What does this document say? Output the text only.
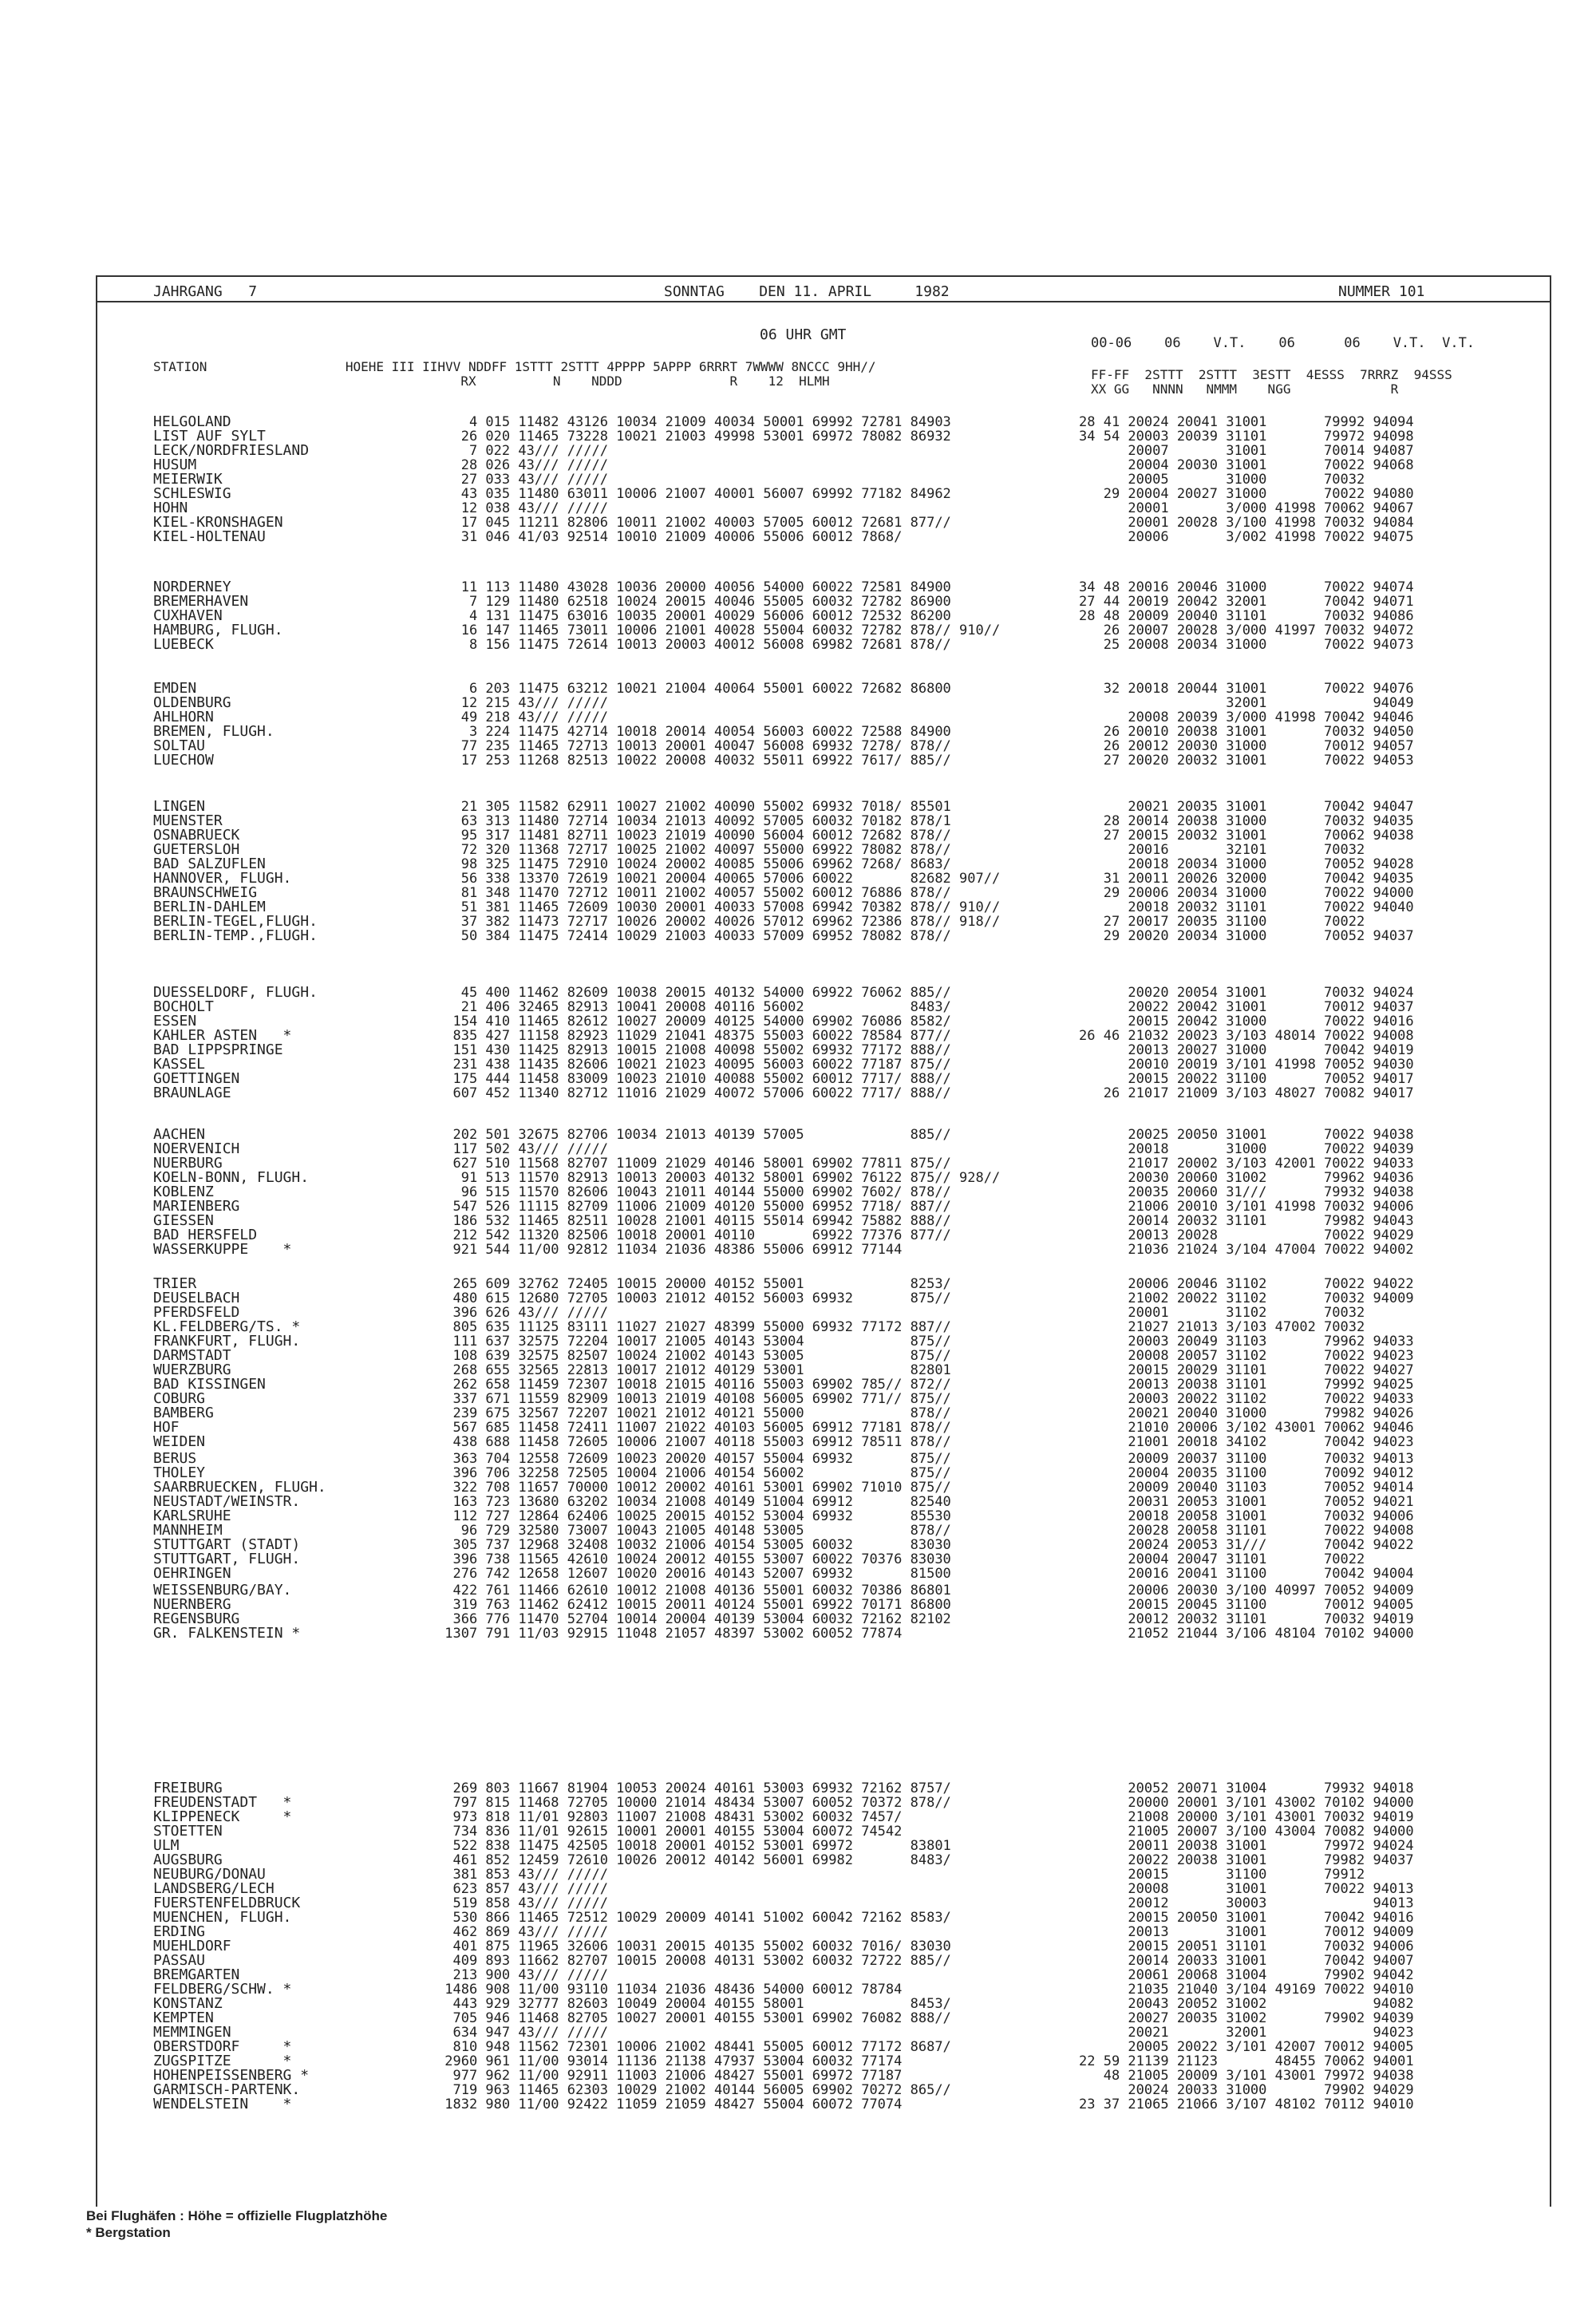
JAHRGANG   7	SONNTAG    DEN 11. APRIL     1982	NUMMER 101
06 UHR GMT	00-06    06    V.T.    06      06    V.T.  V.T.
STATION                  HOEHE III IIHVV NDDFF 1STTT 2STTT 4PPPP 5APPP 6RRRT 7WWWW 8NCCC 9HH//
RX          N    NDDD              R    12  HLMH	FF-FF  2STTT  2STTT  3ESTT  4ESSS  7RRRZ  94SSS
XX GG   NNNN   NMMM    NGG             R
HELGOLAND	4 015 11482 43126 10034 21009 40034 50001 69992 72781 84903	28 41 20024 20041 31001       79992 94094
LIST AUF SYLT	26 020 11465 73228 10021 21003 49998 53001 69972 78082 86932	34 54 20003 20039 31101       79972 94098
LECK/NORDFRIESLAND	7 022 43/// /////	20007       31001       70014 94087
HUSUM	28 026 43/// /////	20004 20030 31001       70022 94068
MEIERWIK	27 033 43/// /////	20005       31000       70032
SCHLESWIG	43 035 11480 63011 10006 21007 40001 56007 69992 77182 84962	29 20004 20027 31000       70022 94080
HOHN	12 038 43/// /////	20001       3/000 41998 70062 94067
KIEL-KRONSHAGEN	17 045 11211 82806 10011 21002 40003 57005 60012 72681 877//	20001 20028 3/100 41998 70032 94084
KIEL-HOLTENAU	31 046 41/03 92514 10010 21009 40006 55006 60012 7868/	20006       3/002 41998 70022 94075
NORDERNEY	11 113 11480 43028 10036 20000 40056 54000 60022 72581 84900	34 48 20016 20046 31000       70022 94074
BREMERHAVEN	7 129 11480 62518 10024 20015 40046 55005 60032 72782 86900	27 44 20019 20042 32001       70042 94071
CUXHAVEN	4 131 11475 63016 10035 20001 40029 56006 60012 72532 86200	28 48 20009 20040 31101       70032 94086
HAMBURG, FLUGH.	16 147 11465 73011 10006 21001 40028 55004 60032 72782 878// 910//	26 20007 20028 3/000 41997 70032 94072
LUEBECK	8 156 11475 72614 10013 20003 40012 56008 69982 72681 878//	25 20008 20034 31000       70022 94073
EMDEN	6 203 11475 63212 10021 21004 40064 55001 60022 72682 86800	32 20018 20044 31001       70022 94076
OLDENBURG	12 215 43/// /////	32001             94049
AHLHORN	49 218 43/// /////	20008 20039 3/000 41998 70042 94046
BREMEN, FLUGH.	3 224 11475 42714 10018 20014 40054 56003 60022 72588 84900	26 20010 20038 31001       70032 94050
SOLTAU	77 235 11465 72713 10013 20001 40047 56008 69932 7278/ 878//	26 20012 20030 31000       70012 94057
LUECHOW	17 253 11268 82513 10022 20008 40032 55011 69922 7617/ 885//	27 20020 20032 31001       70022 94053
LINGEN	21 305 11582 62911 10027 21002 40090 55002 69932 7018/ 85501	20021 20035 31001       70042 94047
MUENSTER	63 313 11480 72714 10034 21013 40092 57005 60032 70182 878/1	28 20014 20038 31000       70032 94035
OSNABRUECK	95 317 11481 82711 10023 21019 40090 56004 60012 72682 878//	27 20015 20032 31001       70062 94038
GUETERSLOH	72 320 11368 72717 10025 21002 40097 55000 69922 78082 878//	20016       32101       70032
BAD SALZUFLEN	98 325 11475 72910 10024 20002 40085 55006 69962 7268/ 8683/	20018 20034 31000       70052 94028
HANNOVER, FLUGH.	56 338 13370 72619 10021 20004 40065 57006 60022       82682 907//	31 20011 20026 32000       70042 94035
BRAUNSCHWEIG	81 348 11470 72712 10011 21002 40057 55002 60012 76886 878//	29 20006 20034 31000       70022 94000
BERLIN-DAHLEM	51 381 11465 72609 10030 20001 40033 57008 69942 70382 878// 910//	20018 20032 31101       70022 94040
BERLIN-TEGEL,FLUGH.	37 382 11473 72717 10026 20002 40026 57012 69962 72386 878// 918//	27 20017 20035 31100       70022
BERLIN-TEMP.,FLUGH.	50 384 11475 72414 10029 21003 40033 57009 69952 78082 878//	29 20020 20034 31000       70052 94037
DUESSELDORF, FLUGH.	45 400 11462 82609 10038 20015 40132 54000 69922 76062 885//	20020 20054 31001       70032 94024
BOCHOLT	21 406 32465 82913 10041 20008 40116 56002             8483/	20022 20042 31001       70012 94037
ESSEN	154 410 11465 82612 10027 20009 40125 54000 69902 76086 8582/	20015 20042 31000       70022 94016
KAHLER ASTEN   *	835 427 11158 82923 11029 21041 48375 55003 60022 78584 877//	26 46 21032 20023 3/103 48014 70022 94008
BAD LIPPSPRINGE	151 430 11425 82913 10015 21008 40098 55002 69932 77172 888//	20013 20027 31000       70042 94019
KASSEL	231 438 11435 82606 10021 21023 40095 56003 60022 77187 875//	20010 20019 3/101 41998 70052 94030
GOETTINGEN	175 444 11458 83009 10023 21010 40088 55002 60012 7717/ 888//	20015 20022 31100       70052 94017
BRAUNLAGE	607 452 11340 82712 11016 21029 40072 57006 60022 7717/ 888//	26 21017 21009 3/103 48027 70082 94017
AACHEN	202 501 32675 82706 10034 21013 40139 57005             885//	20025 20050 31001       70022 94038
NOERVENICH	117 502 43/// /////	20018       31000       70022 94039
NUERBURG	627 510 11568 82707 11009 21029 40146 58001 69902 77811 875//	21017 20002 3/103 42001 70022 94033
KOELN-BONN, FLUGH.	91 513 11570 82913 10013 20003 40132 58001 69902 76122 875// 928//	20030 20060 31002       79962 94036
KOBLENZ	96 515 11570 82606 10043 21011 40144 55000 69902 7602/ 878//	20035 20060 31///       79932 94038
MARIENBERG	547 526 11115 82709 11006 21009 40120 55000 69952 7718/ 887//	21006 20010 3/101 41998 70032 94006
GIESSEN	186 532 11465 82511 10028 21001 40115 55014 69942 75882 888//	20014 20032 31101       79982 94043
BAD HERSFELD	212 542 11320 82506 10018 20001 40110       69922 77376 877//	20013 20028             70022 94029
WASSERKUPPE    *	921 544 11/00 92812 11034 21036 48386 55006 69912 77144	21036 21024 3/104 47004 70022 94002
TRIER	265 609 32762 72405 10015 20000 40152 55001             8253/	20006 20046 31102       70022 94022
DEUSELBACH	480 615 12680 72705 10003 21012 40152 56003 69932       875//	21002 20022 31102       70032 94009
PFERDSFELD	396 626 43/// /////	20001       31102       70032
KL.FELDBERG/TS. *	805 635 11125 83111 11027 21027 48399 55000 69932 77172 887//	21027 21013 3/103 47002 70032
FRANKFURT, FLUGH.	111 637 32575 72204 10017 21005 40143 53004             875//	20003 20049 31103       79962 94033
DARMSTADT	108 639 32575 82507 10024 21002 40143 53005             875//	20008 20057 31102       70022 94023
WUERZBURG	268 655 32565 22813 10017 21012 40129 53001             82801	20015 20029 31101       70022 94027
BAD KISSINGEN	262 658 11459 72307 10018 21015 40116 55003 69902 785// 872//	20013 20038 31101       79992 94025
COBURG	337 671 11559 82909 10013 21019 40108 56005 69902 771// 875//	20003 20022 31102       70022 94033
BAMBERG	239 675 32567 72207 10021 21012 40121 55000             878//	20021 20040 31000       79982 94026
HOF	567 685 11458 72411 11007 21022 40103 56005 69912 77181 878//	21010 20006 3/102 43001 70062 94046
WEIDEN	438 688 11458 72605 10006 21007 40118 55003 69912 78511 878//	21001 20018 34102       70042 94023
BERUS	363 704 12558 72609 10023 20020 40157 55004 69932       875//	20009 20037 31100       70032 94013
THOLEY	396 706 32258 72505 10004 21006 40154 56002             875//	20004 20035 31100       70092 94012
SAARBRUECKEN, FLUGH.	322 708 11657 70000 10012 20002 40161 53001 69902 71010 875//	20009 20040 31103       70052 94014
NEUSTADT/WEINSTR.	163 723 13680 63202 10034 21008 40149 51004 69912       82540	20031 20053 31001       70052 94021
KARLSRUHE	112 727 12864 62406 10025 20015 40152 53004 69932       85530	20018 20058 31001       70032 94006
MANNHEIM	96 729 32580 73007 10043 21005 40148 53005             878//	20028 20058 31101       70022 94008
STUTTGART (STADT)	305 737 12968 32408 10032 21006 40154 53005 60032       83030	20024 20053 31///       70042 94022
STUTTGART, FLUGH.	396 738 11565 42610 10024 20012 40155 53007 60022 70376 83030	20004 20047 31101       70022
OEHRINGEN	276 742 12658 12607 10020 20016 40143 52007 69932       81500	20016 20041 31100       70042 94004
WEISSENBURG/BAY.	422 761 11466 62610 10012 21008 40136 55001 60032 70386 86801	20006 20030 3/100 40997 70052 94009
NUERNBERG	319 763 11462 62412 10015 20011 40124 55001 69922 70171 86800	20015 20045 31100       70012 94005
REGENSBURG	366 776 11470 52704 10014 20004 40139 53004 60032 72162 82102	20012 20032 31101       70032 94019
GR. FALKENSTEIN *	1307 791 11/03 92915 11048 21057 48397 53002 60052 77874	21052 21044 3/106 48104 70102 94000
FREIBURG	269 803 11667 81904 10053 20024 40161 53003 69932 72162 8757/	20052 20071 31004       79932 94018
FREUDENSTADT   *	797 815 11468 72705 10000 21014 48434 53007 60052 70372 878//	20000 20001 3/101 43002 70102 94000
KLIPPENECK     *	973 818 11/01 92803 11007 21008 48431 53002 60032 7457/	21008 20000 3/101 43001 70032 94019
STOETTEN	734 836 11/01 92615 10001 20001 40155 53004 60072 74542	21005 20007 3/100 43004 70082 94000
ULM	522 838 11475 42505 10018 20001 40152 53001 69972       83801	20011 20038 31001       79972 94024
AUGSBURG	461 852 12459 72610 10026 20012 40142 56001 69982       8483/	20022 20038 31001       79982 94037
NEUBURG/DONAU	381 853 43/// /////	20015       31100       79912
LANDSBERG/LECH	623 857 43/// /////	20008       31001       70022 94013
FUERSTENFELDBRUCK	519 858 43/// /////	20012       30003             94013
MUENCHEN, FLUGH.	530 866 11465 72512 10029 20009 40141 51002 60042 72162 8583/	20015 20050 31001       70042 94016
ERDING	462 869 43/// /////	20013       31001       70012 94009
MUEHLDORF	401 875 11965 32606 10031 20015 40135 55002 60032 7016/ 83030	20015 20051 31101       70032 94006
PASSAU	409 893 11662 82707 10015 20008 40131 53002 60032 72722 885//	20014 20033 31001       70042 94007
BREMGARTEN	213 900 43/// /////	20061 20068 31004       79902 94042
FELDBERG/SCHW. *	1486 908 11/00 93110 11034 21036 48436 54000 60012 78784	21035 21040 3/104 49169 70022 94010
KONSTANZ	443 929 32777 82603 10049 20004 40155 58001             8453/	20043 20052 31002             94082
KEMPTEN	705 946 11468 82705 10027 20001 40155 53001 69902 76082 888//	20027 20035 31002       79902 94039
MEMMINGEN	634 947 43/// /////	20021       32001             94023
OBERSTDORF     *	810 948 11562 72301 10006 21002 48441 55005 60012 77172 8687/	20005 20022 3/101 42007 70012 94005
ZUGSPITZE      *	2960 961 11/00 93014 11136 21138 47937 53004 60032 77174	22 59 21139 21123       48455 70062 94001
HOHENPEISSENBERG *	977 962 11/00 92911 11003 21006 48427 55001 69972 77187	48 21005 20009 3/101 43001 79972 94038
GARMISCH-PARTENK.	719 963 11465 62303 10029 21002 40144 56005 69902 70272 865//	20024 20033 31000       79902 94029
WENDELSTEIN    *	1832 980 11/00 92422 11059 21059 48427 55004 60072 77074	23 37 21065 21066 3/107 48102 70112 94010
Bei Flughäfen : Höhe = offizielle Flugplatzhöhe
* Bergstation
